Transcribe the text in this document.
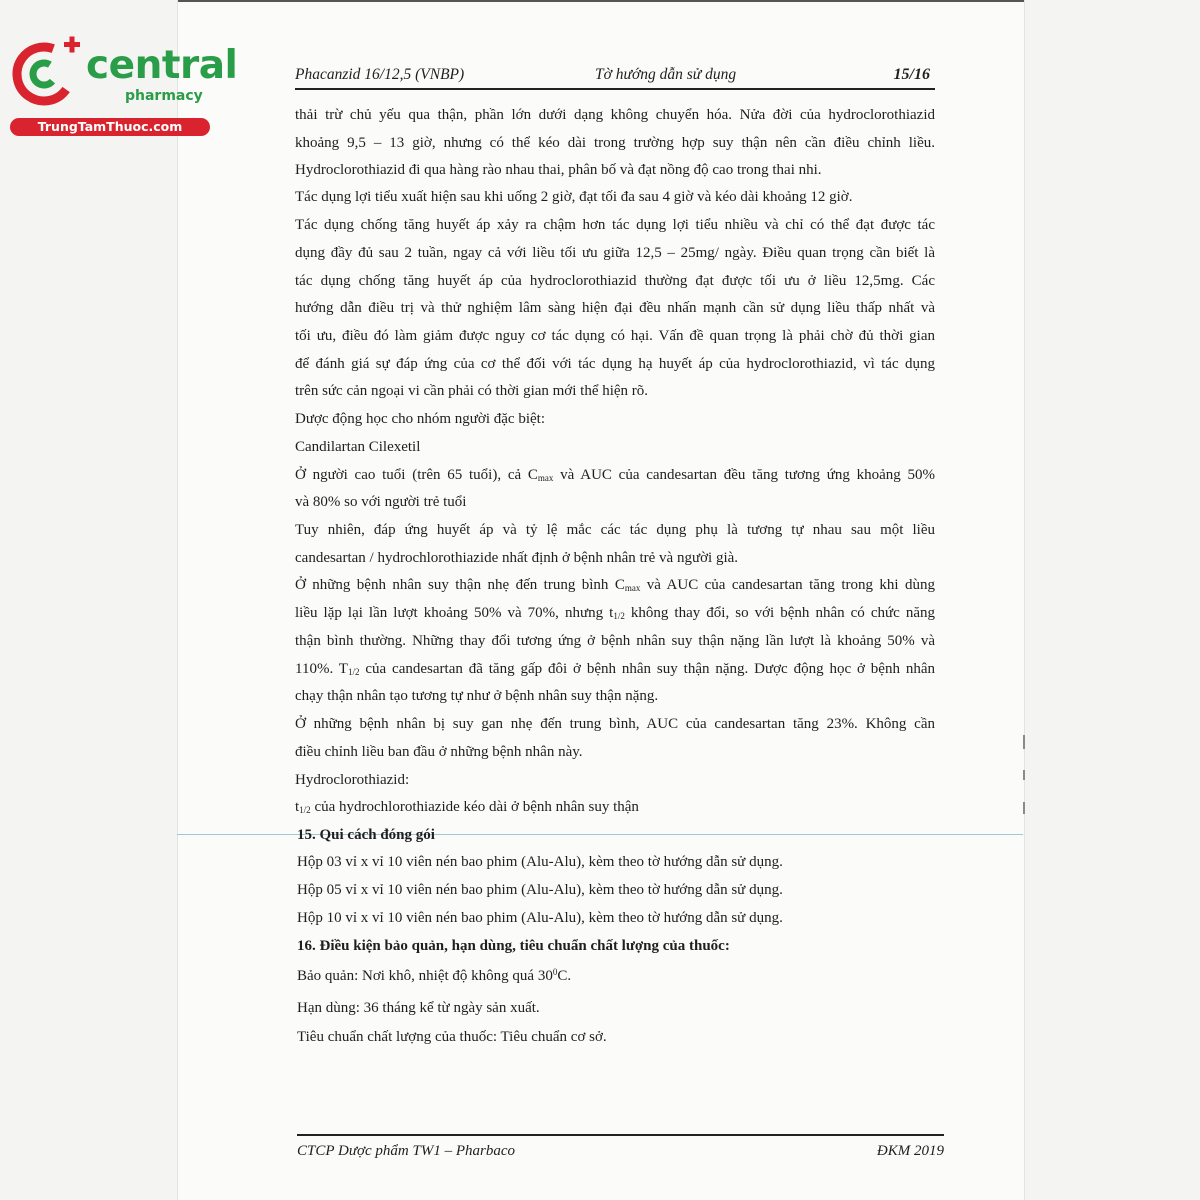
central
pharmacy
TrungTamThuoc.com
Phacanzid 16/12,5 (VNBP)	Tờ hướng dẫn sử dụng	15/16
thải trừ chủ yếu qua thận, phần lớn dưới dạng không chuyển hóa. Nửa đời của hydroclorothiazid
khoảng 9,5 – 13 giờ, nhưng có thể kéo dài trong trường hợp suy thận nên cần điều chỉnh liều.
Hydroclorothiazid đi qua hàng rào nhau thai, phân bố và đạt nồng độ cao trong thai nhi.
Tác dụng lợi tiểu xuất hiện sau khi uống 2 giờ, đạt tối đa sau 4 giờ và kéo dài khoảng 12 giờ.
Tác dụng chống tăng huyết áp xảy ra chậm hơn tác dụng lợi tiểu nhiều và chỉ có thể đạt được tác
dụng đầy đủ sau 2 tuần, ngay cả với liều tối ưu giữa 12,5 – 25mg/ ngày. Điều quan trọng cần biết là
tác dụng chống tăng huyết áp của hydroclorothiazid thường đạt được tối ưu ở liều 12,5mg. Các
hướng dẫn điều trị và thử nghiệm lâm sàng hiện đại đều nhấn mạnh cần sử dụng liều thấp nhất và
tối ưu, điều đó làm giảm được nguy cơ tác dụng có hại. Vấn đề quan trọng là phải chờ đủ thời gian
để đánh giá sự đáp ứng của cơ thể đối với tác dụng hạ huyết áp của hydroclorothiazid, vì tác dụng
trên sức cản ngoại vi cần phải có thời gian mới thể hiện rõ.
Dược động học cho nhóm người đặc biệt:
Candilartan Cilexetil
Ở người cao tuổi (trên 65 tuổi), cả $C_{max}$ và AUC của candesartan đều tăng tương ứng khoảng 50%
và 80% so với người trẻ tuổi
Tuy nhiên, đáp ứng huyết áp và tỷ lệ mắc các tác dụng phụ là tương tự nhau sau một liều
candesartan / hydrochlorothiazide nhất định ở bệnh nhân trẻ và người già.
Ở những bệnh nhân suy thận nhẹ đến trung bình $C_{max}$ và AUC của candesartan tăng trong khi dùng
liều lặp lại lần lượt khoảng 50% và 70%, nhưng $t_{1/2}$ không thay đổi, so với bệnh nhân có chức năng
thận bình thường. Những thay đổi tương ứng ở bệnh nhân suy thận nặng lần lượt là khoảng 50% và
110%. $T_{1/2}$ của candesartan đã tăng gấp đôi ở bệnh nhân suy thận nặng. Dược động học ở bệnh nhân
chạy thận nhân tạo tương tự như ở bệnh nhân suy thận nặng.
Ở những bệnh nhân bị suy gan nhẹ đến trung bình, AUC của candesartan tăng 23%. Không cần
điều chỉnh liều ban đầu ở những bệnh nhân này.
Hydroclorothiazid:
$t_{1/2}$ của hydrochlorothiazide kéo dài ở bệnh nhân suy thận
15. Qui cách đóng gói
Hộp 03 vỉ x vỉ 10 viên nén bao phim (Alu-Alu), kèm theo tờ hướng dẫn sử dụng.
Hộp 05 vỉ x vỉ 10 viên nén bao phim (Alu-Alu), kèm theo tờ hướng dẫn sử dụng.
Hộp 10 vỉ x vỉ 10 viên nén bao phim (Alu-Alu), kèm theo tờ hướng dẫn sử dụng.
16. Điều kiện bảo quản, hạn dùng, tiêu chuẩn chất lượng của thuốc:
Bảo quản: Nơi khô, nhiệt độ không quá $30^0C$.
Hạn dùng: 36 tháng kể từ ngày sản xuất.
Tiêu chuẩn chất lượng của thuốc: Tiêu chuẩn cơ sở.
CTCP Dược phẩm TW1 – Pharbaco	ĐKM 2019
